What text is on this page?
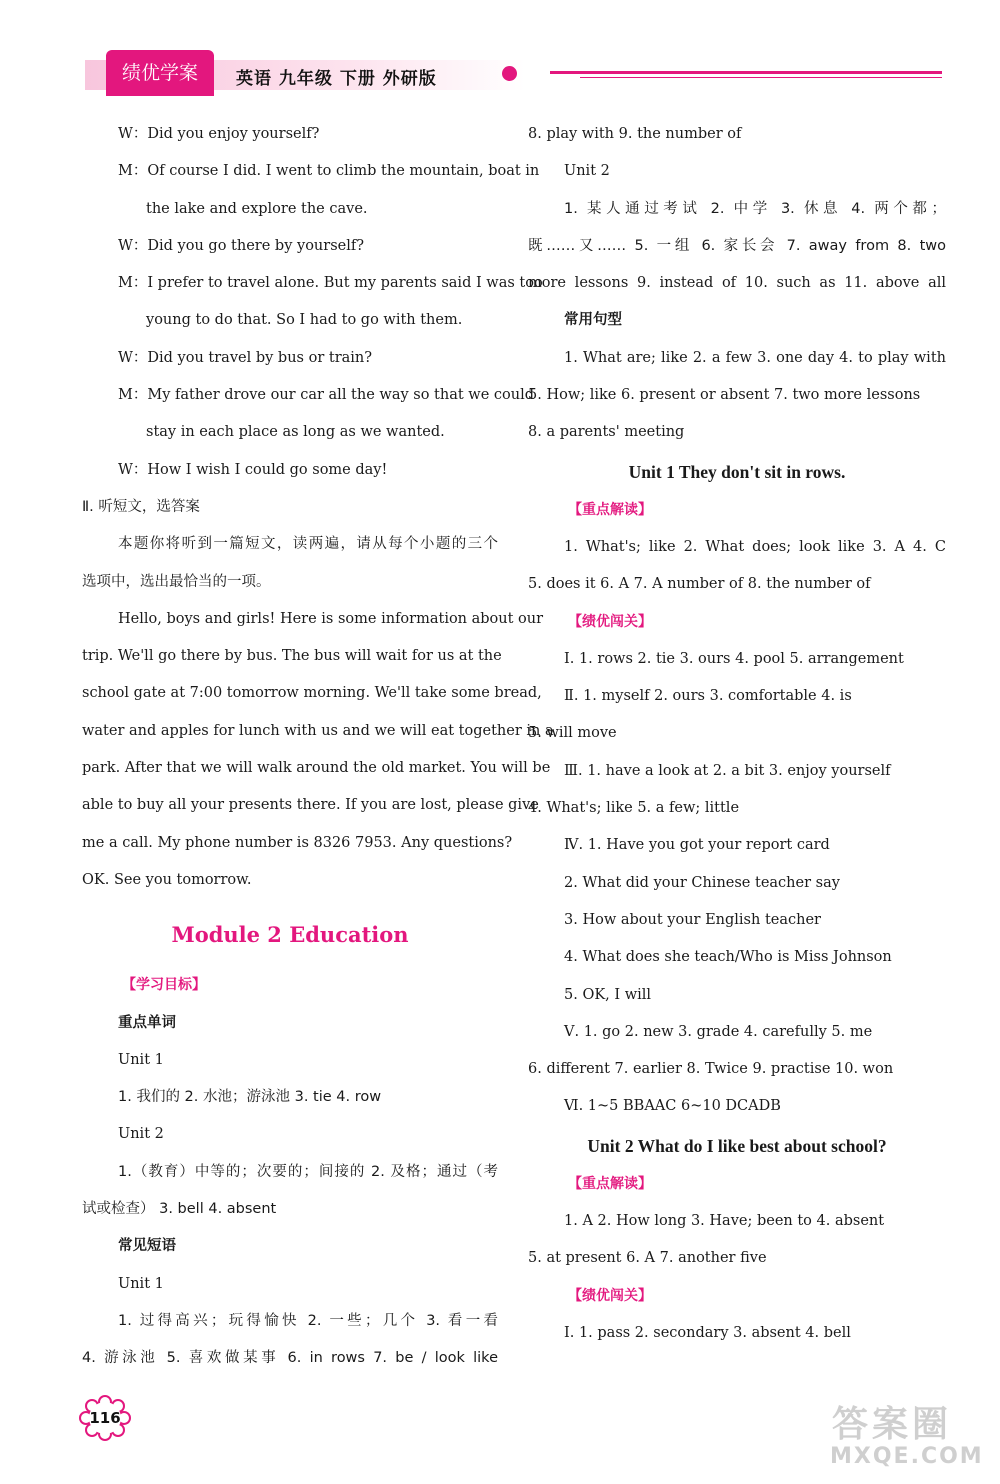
绩优学案	英语 九年级 下册 外研版
W：Did you enjoy yourself?
M：Of course I did. I went to climb the mountain, boat in
the lake and explore the cave.
W：Did you go there by yourself?
M：I prefer to travel alone. But my parents said I was too
young to do that. So I had to go with them.
W：Did you travel by bus or train?
M：My father drove our car all the way so that we could
stay in each place as long as we wanted.
W：How I wish I could go some day!
Ⅱ. 听短文，选答案
本题你将听到一篇短文，读两遍，请从每个小题的三个
选项中，选出最恰当的一项。
Hello, boys and girls! Here is some information about our
trip. We'll go there by bus. The bus will wait for us at the
school gate at 7:00 tomorrow morning. We'll take some bread,
water and apples for lunch with us and we will eat together in a
park. After that we will walk around the old market. You will be
able to buy all your presents there. If you are lost, please give
me a call. My phone number is 8326 7953. Any questions?
OK. See you tomorrow.
Module 2 Education
【学习目标】
重点单词
Unit 1
1. 我们的 2. 水池；游泳池 3. tie 4. row
Unit 2
1.（教育）中等的；次要的；间接的 2. 及格；通过（考
试或检查） 3. bell 4. absent
常见短语
Unit 1
1. 过得高兴；玩得愉快 2. 一些；几个 3. 看一看
4. 游泳池 5. 喜欢做某事 6. in rows 7. be / look like
8. play with 9. the number of
Unit 2
1. 某人通过考试 2. 中学 3. 休息 4. 两个都；
既……又…… 5. 一组 6. 家长会 7. away from 8. two
more lessons 9. instead of 10. such as 11. above all
常用句型
1. What are; like 2. a few 3. one day 4. to play with
5. How; like 6. present or absent 7. two more lessons
8. a parents' meeting
Unit 1 They don't sit in rows.
【重点解读】
1. What's; like 2. What does; look like 3. A 4. C
5. does it 6. A 7. A number of 8. the number of
【绩优闯关】
Ⅰ. 1. rows 2. tie 3. ours 4. pool 5. arrangement
Ⅱ. 1. myself 2. ours 3. comfortable 4. is
5. will move
Ⅲ. 1. have a look at 2. a bit 3. enjoy yourself
4. What's; like 5. a few; little
Ⅳ. 1. Have you got your report card
2. What did your Chinese teacher say
3. How about your English teacher
4. What does she teach/Who is Miss Johnson
5. OK, I will
Ⅴ. 1. go 2. new 3. grade 4. carefully 5. me
6. different 7. earlier 8. Twice 9. practise 10. won
Ⅵ. 1~5 BBAAC 6~10 DCADB
Unit 2 What do I like best about school?
【重点解读】
1. A 2. How long 3. Have; been to 4. absent
5. at present 6. A 7. another five
【绩优闯关】
Ⅰ. 1. pass 2. secondary 3. absent 4. bell
116	答案圈
MXQE.COM
